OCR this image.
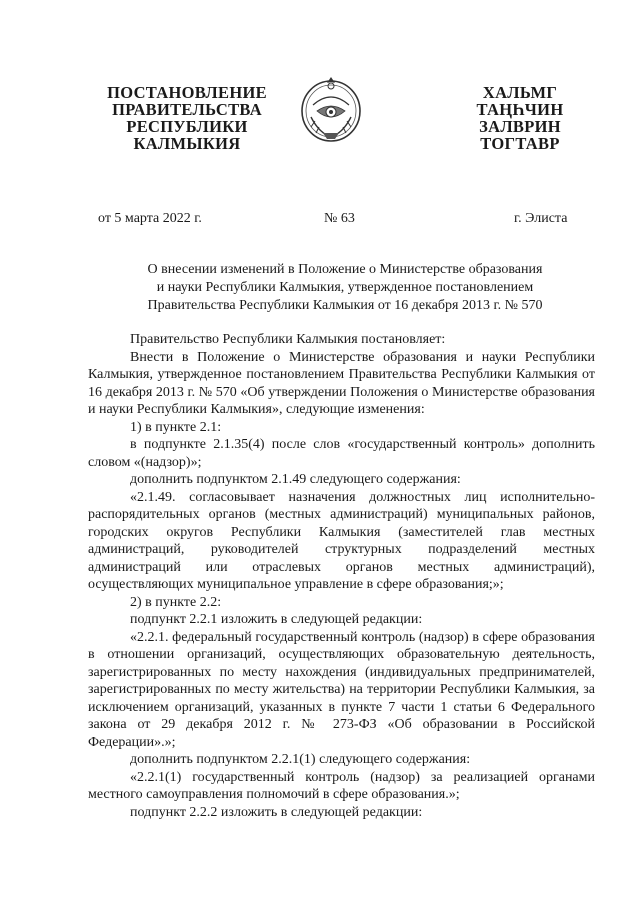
ПОСТАНОВЛЕНИЕ
ПРАВИТЕЛЬСТВА
РЕСПУБЛИКИ
КАЛМЫКИЯ
ХАЛЬМГ
ТАҢҺЧИН
ЗАЛВРИН
ТОГТАВР
от 5 марта 2022 г.	№ 63	г. Элиста
О внесении изменений в Положение о Министерстве образования
и науки Республики Калмыкия, утвержденное постановлением
Правительства Республики Калмыкия от 16 декабря 2013 г. № 570

Правительство Республики Калмыкия постановляет:

Внести в Положение о Министерстве образования и науки Республики Калмыкия, утвержденное постановлением Правительства Республики Калмыкия от 16 декабря 2013 г. № 570 «Об утверждении Положения о Министерстве образования и науки Республики Калмыкия», следующие изменения:

1) в пункте 2.1:

в подпункте 2.1.35(4) после слов «государственный контроль» дополнить словом «(надзор)»;

дополнить подпунктом 2.1.49 следующего содержания:

«2.1.49. согласовывает назначения должностных лиц исполнительно-распорядительных органов (местных администраций) муниципальных районов, городских округов Республики Калмыкия (заместителей глав местных администраций, руководителей структурных подразделений местных администраций или отраслевых органов местных администраций), осуществляющих муниципальное управление в сфере образования;»;

2) в пункте 2.2:

подпункт 2.2.1 изложить в следующей редакции:

«2.2.1. федеральный государственный контроль (надзор) в сфере образования в отношении организаций, осуществляющих образовательную деятельность, зарегистрированных по месту нахождения (индивидуальных предпринимателей, зарегистрированных по месту жительства) на территории Республики Калмыкия, за исключением организаций, указанных в пункте 7 части 1 статьи 6 Федерального закона от 29 декабря 2012 г. № 273-ФЗ «Об образовании в Российской Федерации».»;

дополнить подпунктом 2.2.1(1) следующего содержания:

«2.2.1(1) государственный контроль (надзор) за реализацией органами местного самоуправления полномочий в сфере образования.»;

подпункт 2.2.2 изложить в следующей редакции:
